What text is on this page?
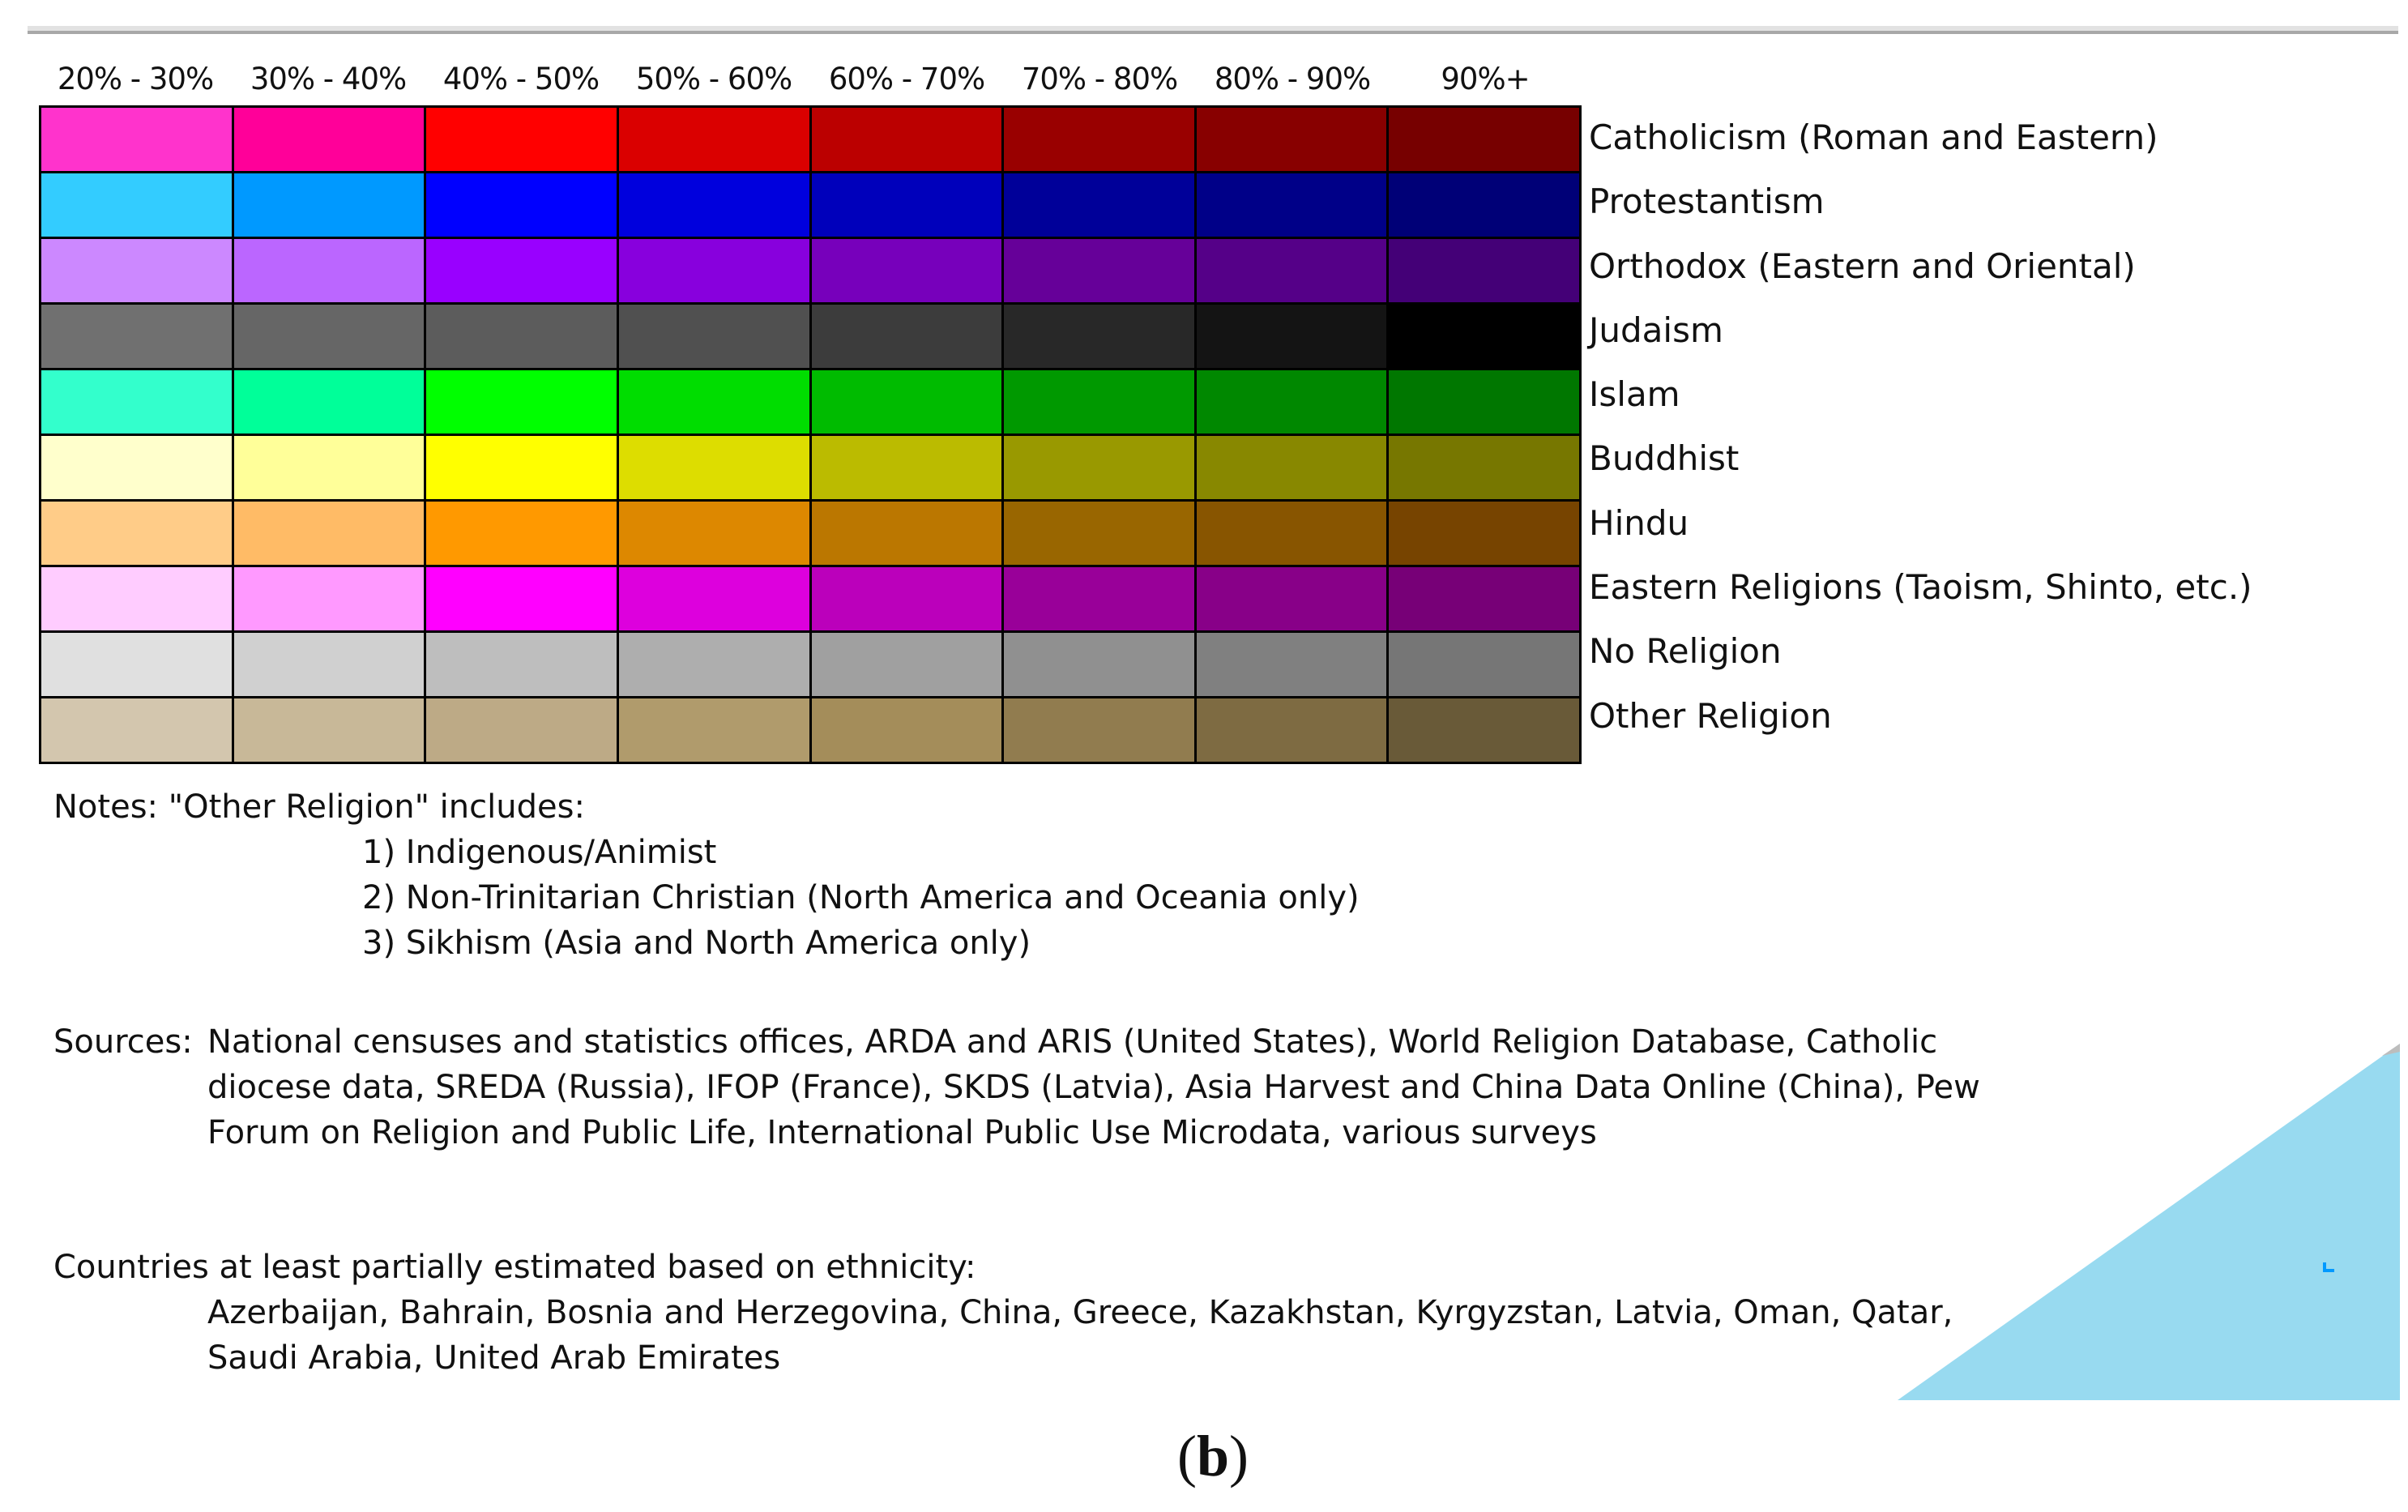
20% - 30%	30% - 40%	40% - 50%	50% - 60%	60% - 70%	70% - 80%	80% - 90%	90%+
Catholicism (Roman and Eastern)
Protestantism
Orthodox (Eastern and Oriental)
Judaism
Islam
Buddhist
Hindu
Eastern Religions (Taoism, Shinto, etc.)
No Religion
Other Religion
Notes: "Other Religion" includes:
1) Indigenous/Animist
2) Non-Trinitarian Christian (North America and Oceania only)
3) Sikhism (Asia and North America only)
Sources: National censuses and statistics offices, ARDA and ARIS (United States), World Religion Database, Catholic diocese data, SREDA (Russia), IFOP (France), SKDS (Latvia), Asia Harvest and China Data Online (China), Pew Forum on Religion and Public Life, International Public Use Microdata, various surveys
Countries at least partially estimated based on ethnicity:
Azerbaijan, Bahrain, Bosnia and Herzegovina, China, Greece, Kazakhstan, Kyrgyzstan, Latvia, Oman, Qatar, Saudi Arabia, United Arab Emirates
(b)
